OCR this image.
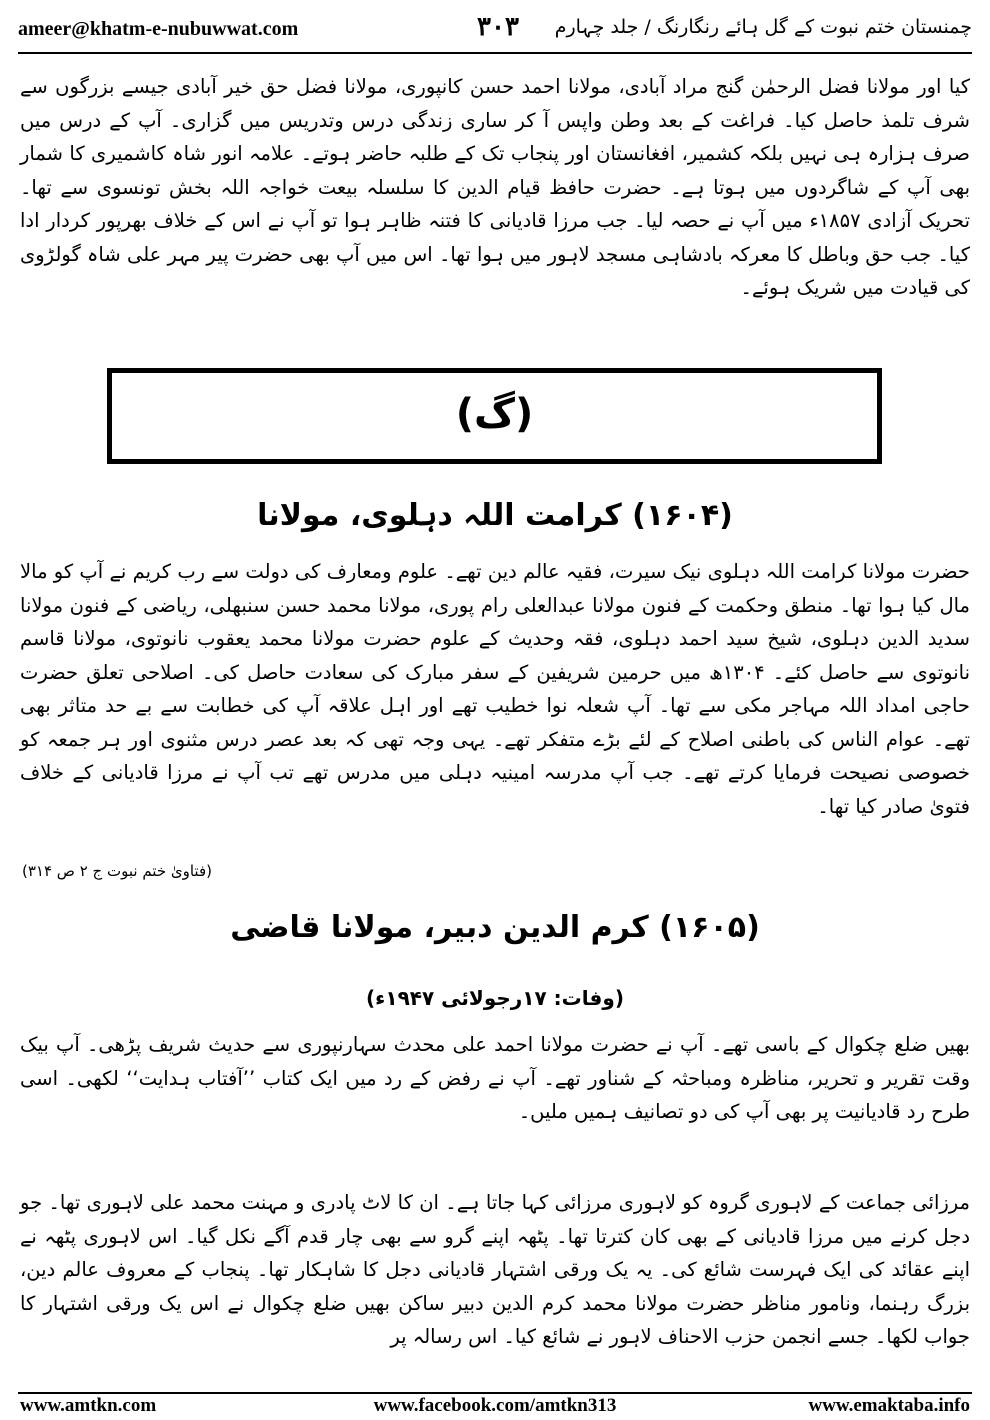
ameer@khatm-e-nubuwwat.com	۳۰۳	چمنستان ختم نبوت کے گل ہائے رنگارنگ / جلد چہارم

کیا اور مولانا فضل الرحمٰن گنج مراد آبادی، مولانا احمد حسن کانپوری، مولانا فضل حق خیر آبادی جیسے بزرگوں سے شرف تلمذ حاصل کیا۔ فراغت کے بعد وطن واپس آ کر ساری زندگی درس وتدریس میں گزاری۔ آپ کے درس میں صرف ہزارہ ہی نہیں بلکہ کشمیر، افغانستان اور پنجاب تک کے طلبہ حاضر ہوتے۔ علامہ انور شاہ کاشمیری کا شمار بھی آپ کے شاگردوں میں ہوتا ہے۔ حضرت حافظ قیام الدین کا سلسلہ بیعت خواجہ اللہ بخش تونسوی سے تھا۔ تحریک آزادی ۱۸۵۷ء میں آپ نے حصہ لیا۔ جب مرزا قادیانی کا فتنہ ظاہر ہوا تو آپ نے اس کے خلاف بھرپور کردار ادا کیا۔ جب حق وباطل کا معرکہ بادشاہی مسجد لاہور میں ہوا تھا۔ اس میں آپ بھی حضرت پیر مہر علی شاہ گولڑوی کی قیادت میں شریک ہوئے۔

(گ)
(۱۶۰۴) کرامت اللہ دہلوی، مولانا

حضرت مولانا کرامت اللہ دہلوی نیک سیرت، فقیہ عالم دین تھے۔ علوم ومعارف کی دولت سے رب کریم نے آپ کو مالا مال کیا ہوا تھا۔ منطق وحکمت کے فنون مولانا عبدالعلی رام پوری، مولانا محمد حسن سنبھلی، ریاضی کے فنون مولانا سدید الدین دہلوی، شیخ سید احمد دہلوی، فقہ وحدیث کے علوم حضرت مولانا محمد یعقوب نانوتوی، مولانا قاسم نانوتوی سے حاصل کئے۔ ۱۳۰۴ھ میں حرمین شریفین کے سفر مبارک کی سعادت حاصل کی۔ اصلاحی تعلق حضرت حاجی امداد اللہ مہاجر مکی سے تھا۔ آپ شعلہ نوا خطیب تھے اور اہل علاقہ آپ کی خطابت سے بے حد متاثر بھی تھے۔ عوام الناس کی باطنی اصلاح کے لئے بڑے متفکر تھے۔ یہی وجہ تھی کہ بعد عصر درس مثنوی اور ہر جمعہ کو خصوصی نصیحت فرمایا کرتے تھے۔ جب آپ مدرسہ امینیہ دہلی میں مدرس تھے تب آپ نے مرزا قادیانی کے خلاف فتویٰ صادر کیا تھا۔

(فتاویٰ ختم نبوت ج ۲ ص ۳۱۴)
(۱۶۰۵) کرم الدین دبیر، مولانا قاضی
(وفات: ۱۷رجولائی ۱۹۴۷ء)

بھیں ضلع چکوال کے باسی تھے۔ آپ نے حضرت مولانا احمد علی محدث سہارنپوری سے حدیث شریف پڑھی۔ آپ بیک وقت تقریر و تحریر، مناظرہ ومباحثہ کے شناور تھے۔ آپ نے رفض کے رد میں ایک کتاب ’’آفتاب ہدایت‘‘ لکھی۔ اسی طرح رد قادیانیت پر بھی آپ کی دو تصانیف ہمیں ملیں۔

مرزائی جماعت کے لاہوری گروہ کو لاہوری مرزائی کہا جاتا ہے۔ ان کا لاٹ پادری و مہنت محمد علی لاہوری تھا۔ جو دجل کرنے میں مرزا قادیانی کے بھی کان کترتا تھا۔ پٹھہ اپنے گرو سے بھی چار قدم آگے نکل گیا۔ اس لاہوری پٹھہ نے اپنے عقائد کی ایک فہرست شائع کی۔ یہ یک ورقی اشتہار قادیانی دجل کا شاہکار تھا۔ پنجاب کے معروف عالم دین، بزرگ رہنما، ونامور مناظر حضرت مولانا محمد کرم الدین دبیر ساکن بھیں ضلع چکوال نے اس یک ورقی اشتہار کا جواب لکھا۔ جسے انجمن حزب الاحناف لاہور نے شائع کیا۔ اس رسالہ پر

www.amtkn.com	www.facebook.com/amtkn313	www.emaktaba.info
